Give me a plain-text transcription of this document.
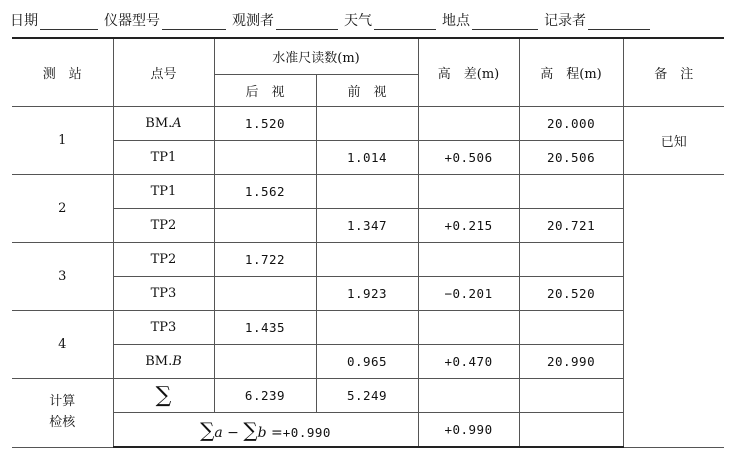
日期	仪器型号	观测者	天气	地点	记录者
测　站	点号	水准尺读数(m)		高　差(m)	高　程(m)	备　注
		后　视	前　视			
1	BM.A	1.520			20.000	已知
	TP1		1.014	+0.506	20.506	
2	TP1	1.562				
	TP2		1.347	+0.215	20.721	
3	TP2	1.722				
	TP3		1.923	−0.201	20.520	
4	TP3	1.435				
	BM.B		0.965	+0.470	20.990	
计算
检核	∑	6.239	5.249			
	∑a − ∑b =+0.990			+0.990		
